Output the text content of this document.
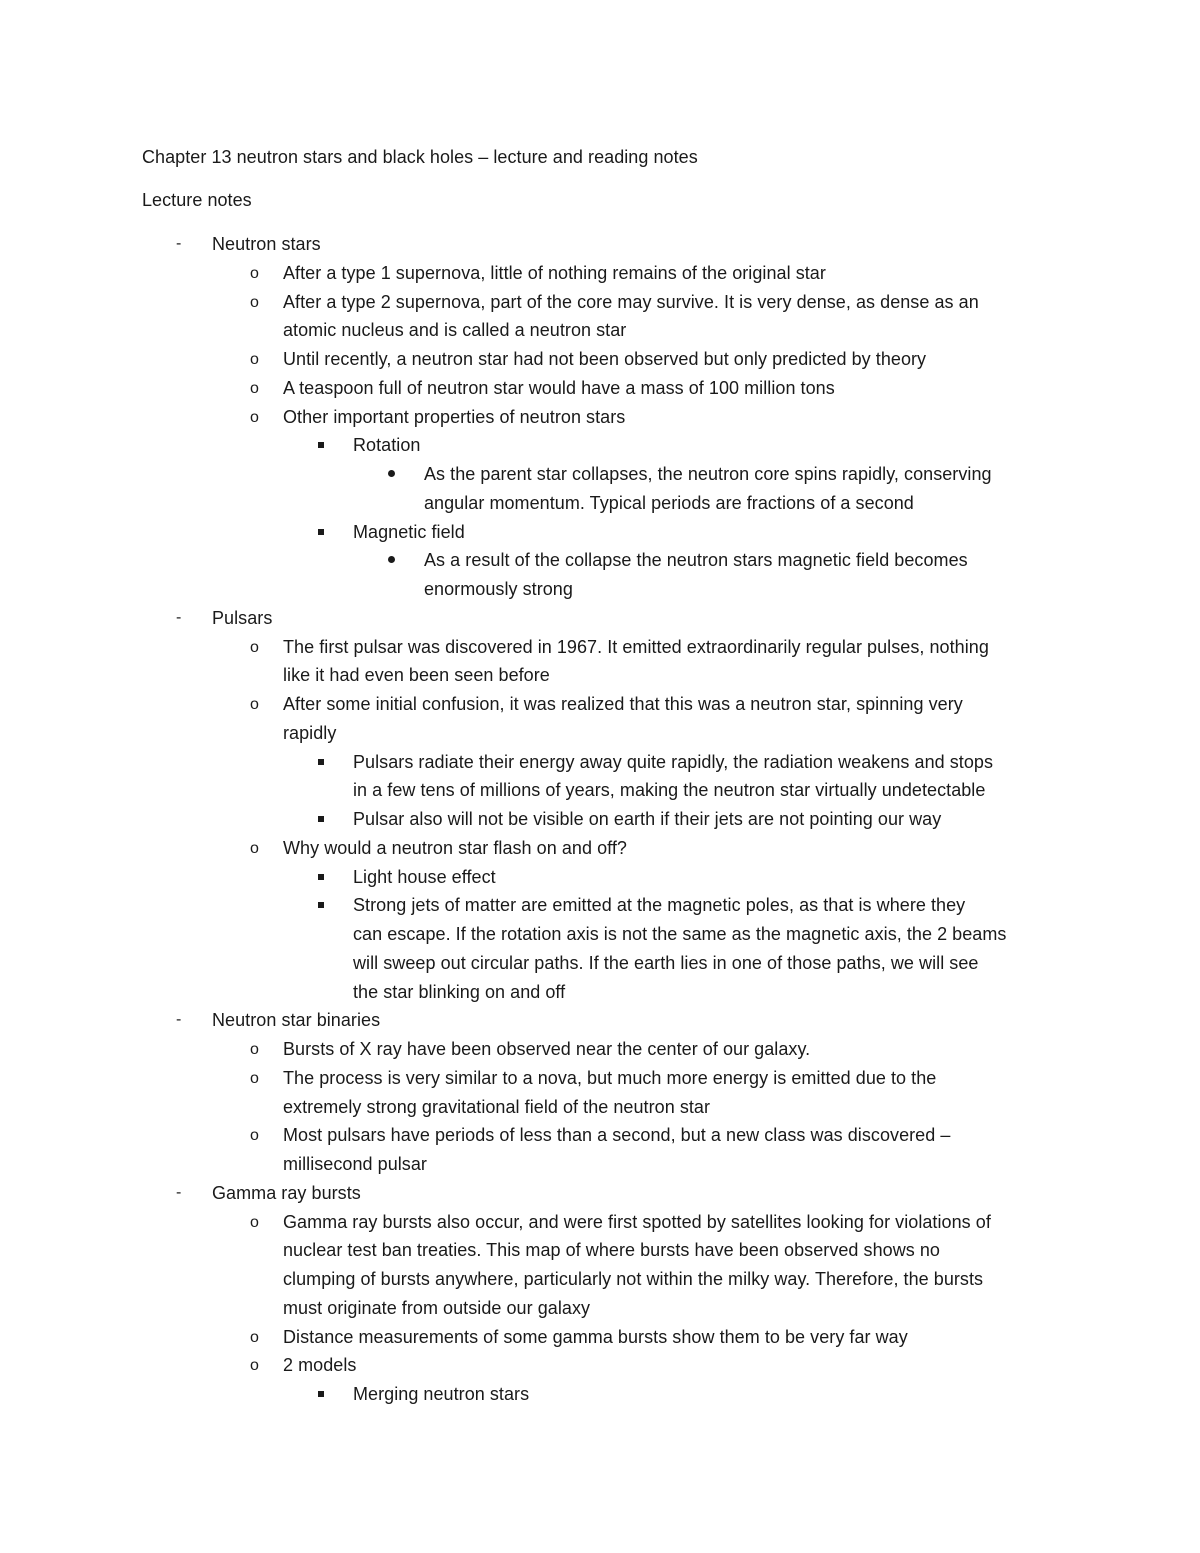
Chapter 13 neutron stars and black holes – lecture and reading notes
Lecture notes
- Neutron stars
o After a type 1 supernova, little of nothing remains of the original star
o After a type 2 supernova, part of the core may survive. It is very dense, as dense as an
atomic nucleus and is called a neutron star
o Until recently, a neutron star had not been observed but only predicted by theory
o A teaspoon full of neutron star would have a mass of 100 million tons
o Other important properties of neutron stars
Rotation
As the parent star collapses, the neutron core spins rapidly, conserving
angular momentum. Typical periods are fractions of a second
Magnetic field
As a result of the collapse the neutron stars magnetic field becomes
enormously strong
- Pulsars
o The first pulsar was discovered in 1967. It emitted extraordinarily regular pulses, nothing
like it had even been seen before
o After some initial confusion, it was realized that this was a neutron star, spinning very
rapidly
Pulsars radiate their energy away quite rapidly, the radiation weakens and stops
in a few tens of millions of years, making the neutron star virtually undetectable
Pulsar also will not be visible on earth if their jets are not pointing our way
o Why would a neutron star flash on and off?
Light house effect
Strong jets of matter are emitted at the magnetic poles, as that is where they
can escape. If the rotation axis is not the same as the magnetic axis, the 2 beams
will sweep out circular paths. If the earth lies in one of those paths, we will see
the star blinking on and off
- Neutron star binaries
o Bursts of X ray have been observed near the center of our galaxy.
o The process is very similar to a nova, but much more energy is emitted due to the
extremely strong gravitational field of the neutron star
o Most pulsars have periods of less than a second, but a new class was discovered –
millisecond pulsar
- Gamma ray bursts
o Gamma ray bursts also occur, and were first spotted by satellites looking for violations of
nuclear test ban treaties. This map of where bursts have been observed shows no
clumping of bursts anywhere, particularly not within the milky way. Therefore, the bursts
must originate from outside our galaxy
o Distance measurements of some gamma bursts show them to be very far way
o 2 models
Merging neutron stars
